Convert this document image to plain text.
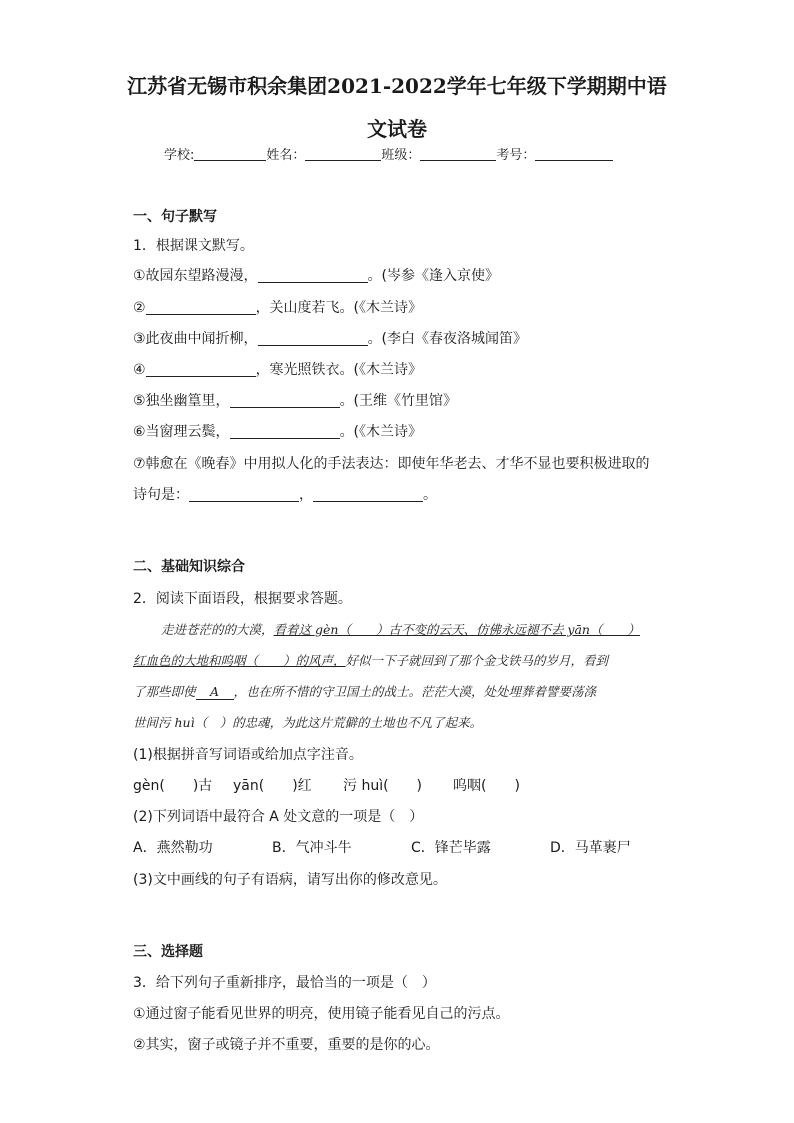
江苏省无锡市积余集团2021-2022学年七年级下学期期中语
文试卷
学校:	姓名：	班级：	考号：
一、句子默写
1．根据课文默写。
①故园东望路漫漫，	。(岑参《逢入京使》
②	，关山度若飞。(《木兰诗》
③此夜曲中闻折柳，	。(李白《春夜洛城闻笛》
④	，寒光照铁衣。(《木兰诗》
⑤独坐幽篁里，	。(王维《竹里馆》
⑥当窗理云鬓，	。(《木兰诗》
⑦韩愈在《晚春》中用拟人化的手法表达：即使年华老去、才华不显也要积极进取的
诗句是：	，	。
二、基础知识综合
2．阅读下面语段，根据要求答题。
走进苍茫的的大漠，看着这 gèn（　　）古不变的云天、仿佛永远褪不去 yān（　　）
红血色的大地和呜咽（　　）的风声，好似一下子就回到了那个金戈铁马的岁月，看到
了那些即使 A ，也在所不惜的守卫国土的战士。茫茫大漠，处处埋葬着譬要荡涤
世间污 huì（　）的忠魂，为此这片荒僻的土地也不凡了起来。
(1)根据拼音写词语或给加点字注音。
gèn(　　)古 yān(　　)红 污 huì(　　) 呜咽(　　)
(2)下列词语中最符合 A 处文意的一项是（　）
A．燕然勒功	B．气冲斗牛	C．锋芒毕露	D．马革裹尸
(3)文中画线的句子有语病，请写出你的修改意见。
三、选择题
3．给下列句子重新排序，最恰当的一项是（　）
①通过窗子能看见世界的明亮，使用镜子能看见自己的污点。
②其实，窗子或镜子并不重要，重要的是你的心。
